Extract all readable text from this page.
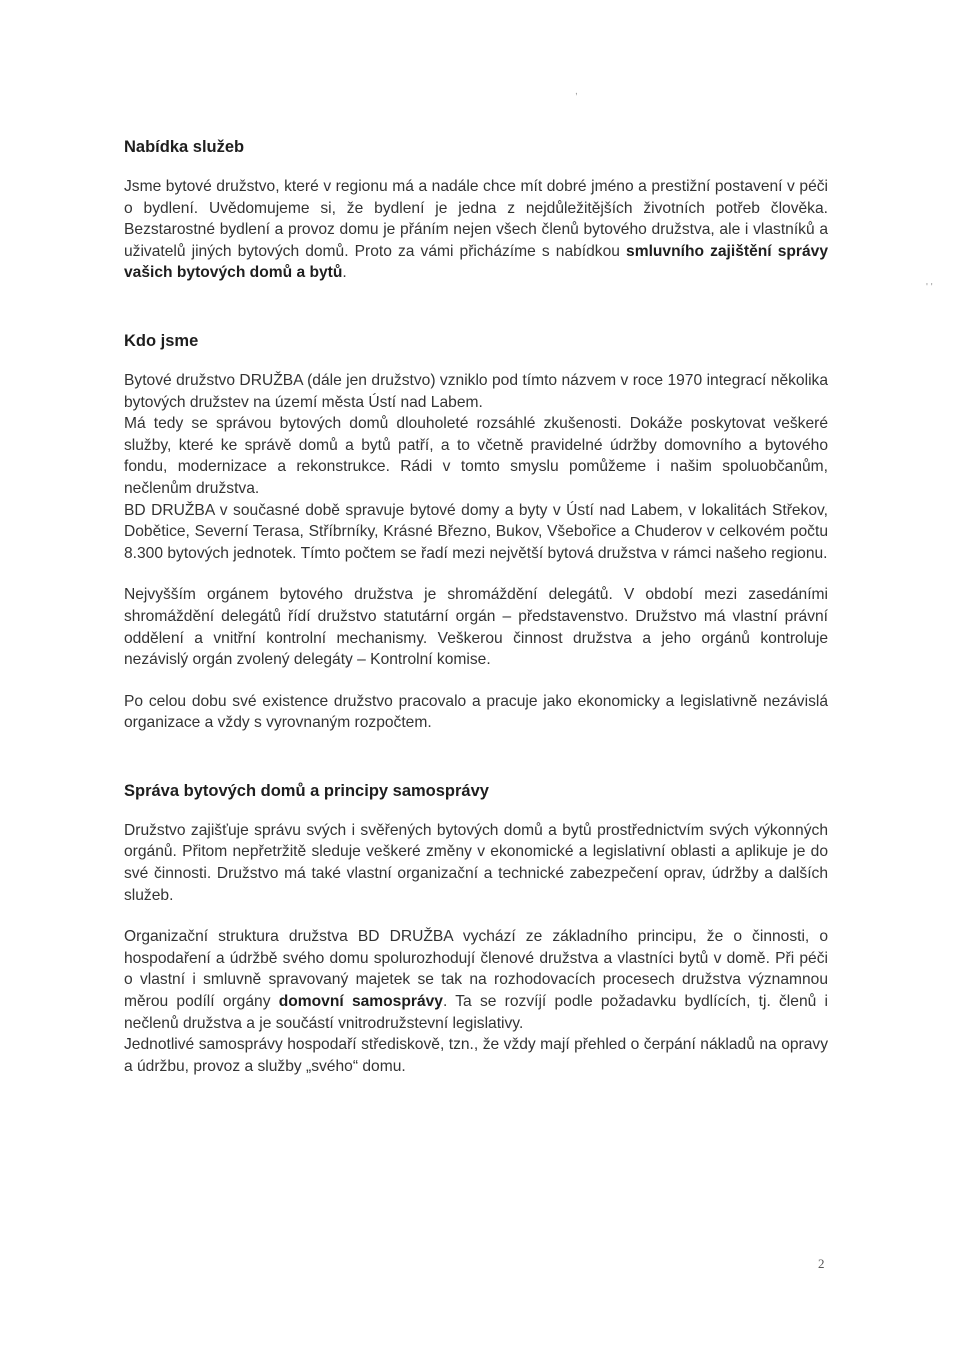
,
' '
Nabídka služeb

Jsme bytové družstvo, které v regionu má a nadále chce mít dobré jméno a prestižní postavení v péči o bydlení. Uvědomujeme si, že bydlení je jedna z nejdůležitějších životních potřeb člověka. Bezstarostné bydlení a provoz domu je přáním nejen všech členů bytového družstva, ale i vlastníků a uživatelů jiných bytových domů. Proto za vámi přicházíme s nabídkou smluvního zajištění správy vašich bytových domů a bytů.

Kdo jsme

Bytové družstvo DRUŽBA (dále jen družstvo) vzniklo pod tímto názvem v roce 1970 integrací několika bytových družstev na území města Ústí nad Labem.

Má tedy se správou bytových domů dlouholeté rozsáhlé zkušenosti. Dokáže poskytovat veškeré služby, které ke správě domů a bytů patří, a to včetně pravidelné údržby domovního a bytového fondu, modernizace a rekonstrukce. Rádi v tomto smyslu pomůžeme i našim spoluobčanům, nečlenům družstva.

BD DRUŽBA v současné době spravuje bytové domy a byty v Ústí nad Labem, v lokalitách Střekov, Dobětice, Severní Terasa, Stříbrníky, Krásné Březno, Bukov, Všebořice a Chuderov v celkovém počtu 8.300 bytových jednotek. Tímto počtem se řadí mezi největší bytová družstva v rámci našeho regionu.

Nejvyšším orgánem bytového družstva je shromáždění delegátů. V období mezi zasedáními shromáždění delegátů řídí družstvo statutární orgán – představenstvo. Družstvo má vlastní právní oddělení a vnitřní kontrolní mechanismy. Veškerou činnost družstva a jeho orgánů kontroluje nezávislý orgán zvolený delegáty – Kontrolní komise.

Po celou dobu své existence družstvo pracovalo a pracuje jako ekonomicky a legislativně nezávislá organizace a vždy s vyrovnaným rozpočtem.

Správa bytových domů a principy samosprávy

Družstvo zajišťuje správu svých i svěřených bytových domů a bytů prostřednictvím svých výkonných orgánů. Přitom nepřetržitě sleduje veškeré změny v ekonomické a legislativní oblasti a aplikuje je do své činnosti. Družstvo má také vlastní organizační a technické zabezpečení oprav, údržby a dalších služeb.

Organizační struktura družstva BD DRUŽBA vychází ze základního principu, že o činnosti, o hospodaření a údržbě svého domu spolurozhodují členové družstva a vlastníci bytů v domě. Při péči o vlastní i smluvně spravovaný majetek se tak na rozhodovacích procesech družstva významnou měrou podílí orgány domovní samosprávy. Ta se rozvíjí podle požadavku bydlících, tj. členů i nečlenů družstva a je součástí vnitrodružstevní legislativy.

Jednotlivé samosprávy hospodaří střediskově, tzn., že vždy mají přehled o čerpání nákladů na opravy a údržbu, provoz a služby „svého“ domu.

2
